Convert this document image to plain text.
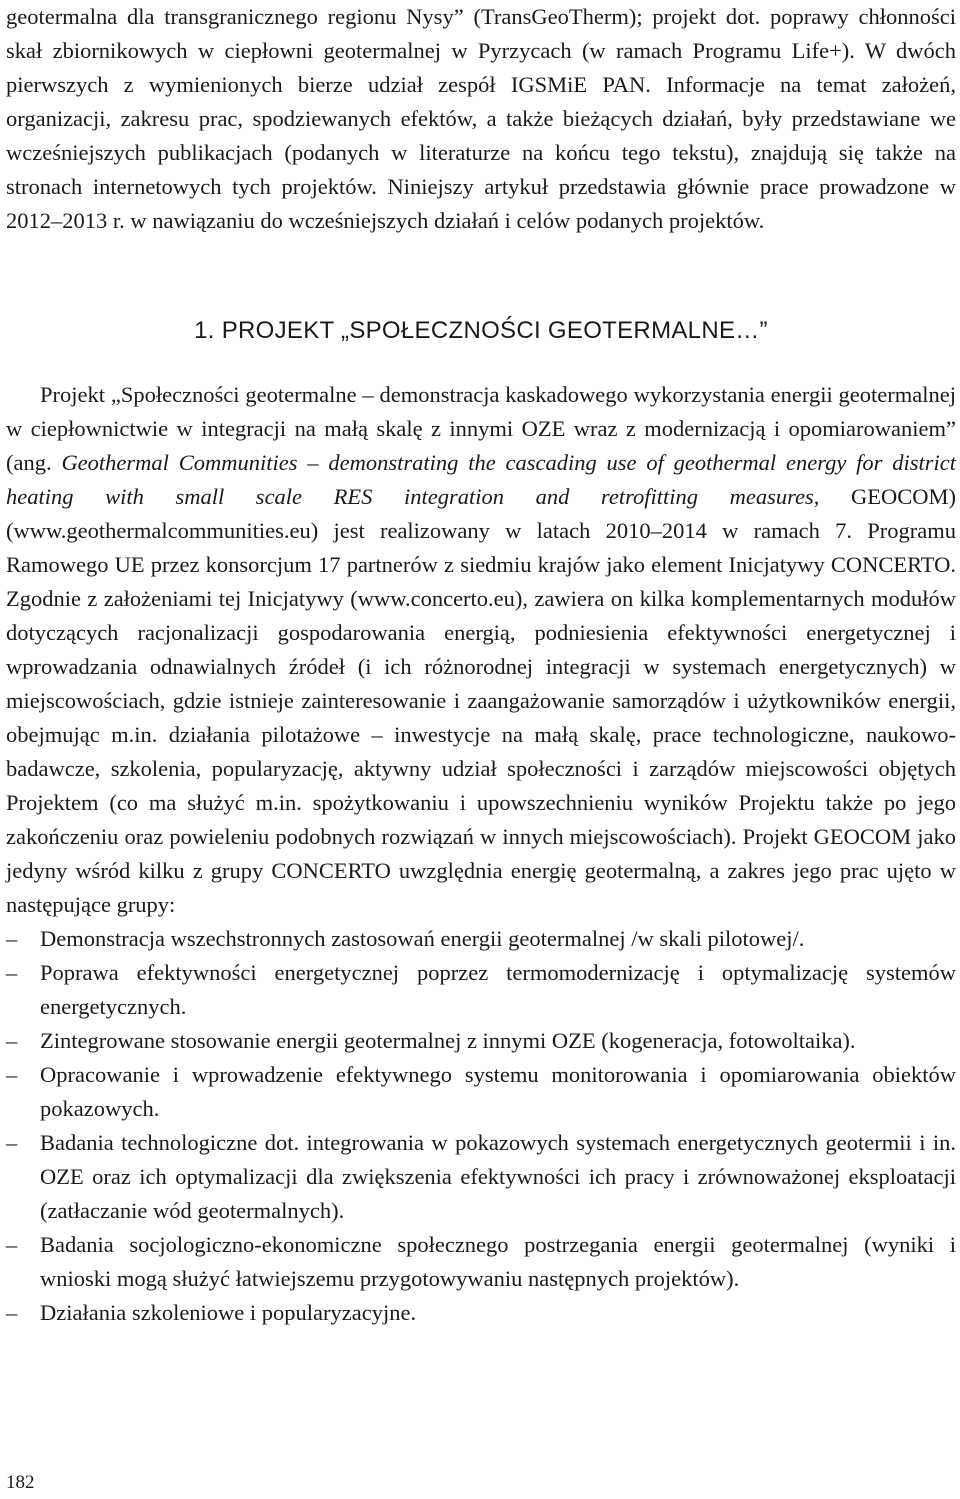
geotermalna dla transgranicznego regionu Nysy” (TransGeoTherm); projekt dot. poprawy chłonności skał zbiornikowych w ciepłowni geotermalnej w Pyrzycach (w ramach Programu Life+). W dwóch pierwszych z wymienionych bierze udział zespół IGSMiE PAN. Informacje na temat założeń, organizacji, zakresu prac, spodziewanych efektów, a także bieżących działań, były przedstawiane we wcześniejszych publikacjach (podanych w literaturze na końcu tego tekstu), znajdują się także na stronach internetowych tych projektów. Niniejszy artykuł przedstawia głównie prace prowadzone w 2012–2013 r. w nawiązaniu do wcześniejszych działań i celów podanych projektów.

1. PROJEKT „SPOŁECZNOŚCI GEOTERMALNE…”

Projekt „Społeczności geotermalne – demonstracja kaskadowego wykorzystania energii geotermalnej w ciepłownictwie w integracji na małą skalę z innymi OZE wraz z modernizacją i opomiarowaniem” (ang. Geothermal Communities – demonstrating the cascading use of geothermal energy for district heating with small scale RES integration and retrofitting measures, GEOCOM) (www.geothermalcommunities.eu) jest realizowany w latach 2010–2014 w ramach 7. Programu Ramowego UE przez konsorcjum 17 partnerów z siedmiu krajów jako element Inicjatywy CONCERTO. Zgodnie z założeniami tej Inicjatywy (www.concerto.eu), zawiera on kilka komplementarnych modułów dotyczących racjonalizacji gospodarowania energią, podniesienia efektywności energetycznej i wprowadzania odnawialnych źródeł (i ich różnorodnej integracji w systemach energetycznych) w miejscowościach, gdzie istnieje zainteresowanie i zaangażowanie samorządów i użytkowników energii, obejmując m.in. działania pilotażowe – inwestycje na małą skalę, prace technologiczne, naukowo-badawcze, szkolenia, popularyzację, aktywny udział społeczności i zarządów miejscowości objętych Projektem (co ma służyć m.in. spożytkowaniu i upowszechnieniu wyników Projektu także po jego zakończeniu oraz powieleniu podobnych rozwiązań w innych miejscowościach). Projekt GEOCOM jako jedyny wśród kilku z grupy CONCERTO uwzględnia energię geotermalną, a zakres jego prac ujęto w następujące grupy:

– Demonstracja wszechstronnych zastosowań energii geotermalnej /w skali pilotowej/.
– Poprawa efektywności energetycznej poprzez termomodernizację i optymalizację systemów energetycznych.
– Zintegrowane stosowanie energii geotermalnej z innymi OZE (kogeneracja, fotowoltaika).
– Opracowanie i wprowadzenie efektywnego systemu monitorowania i opomiarowania obiektów pokazowych.
– Badania technologiczne dot. integrowania w pokazowych systemach energetycznych geotermii i in. OZE oraz ich optymalizacji dla zwiększenia efektywności ich pracy i zrównoważonej eksploatacji (zatłaczanie wód geotermalnych).
– Badania socjologiczno-ekonomiczne społecznego postrzegania energii geotermalnej (wyniki i wnioski mogą służyć łatwiejszemu przygotowywaniu następnych projektów).
– Działania szkoleniowe i popularyzacyjne.
182
